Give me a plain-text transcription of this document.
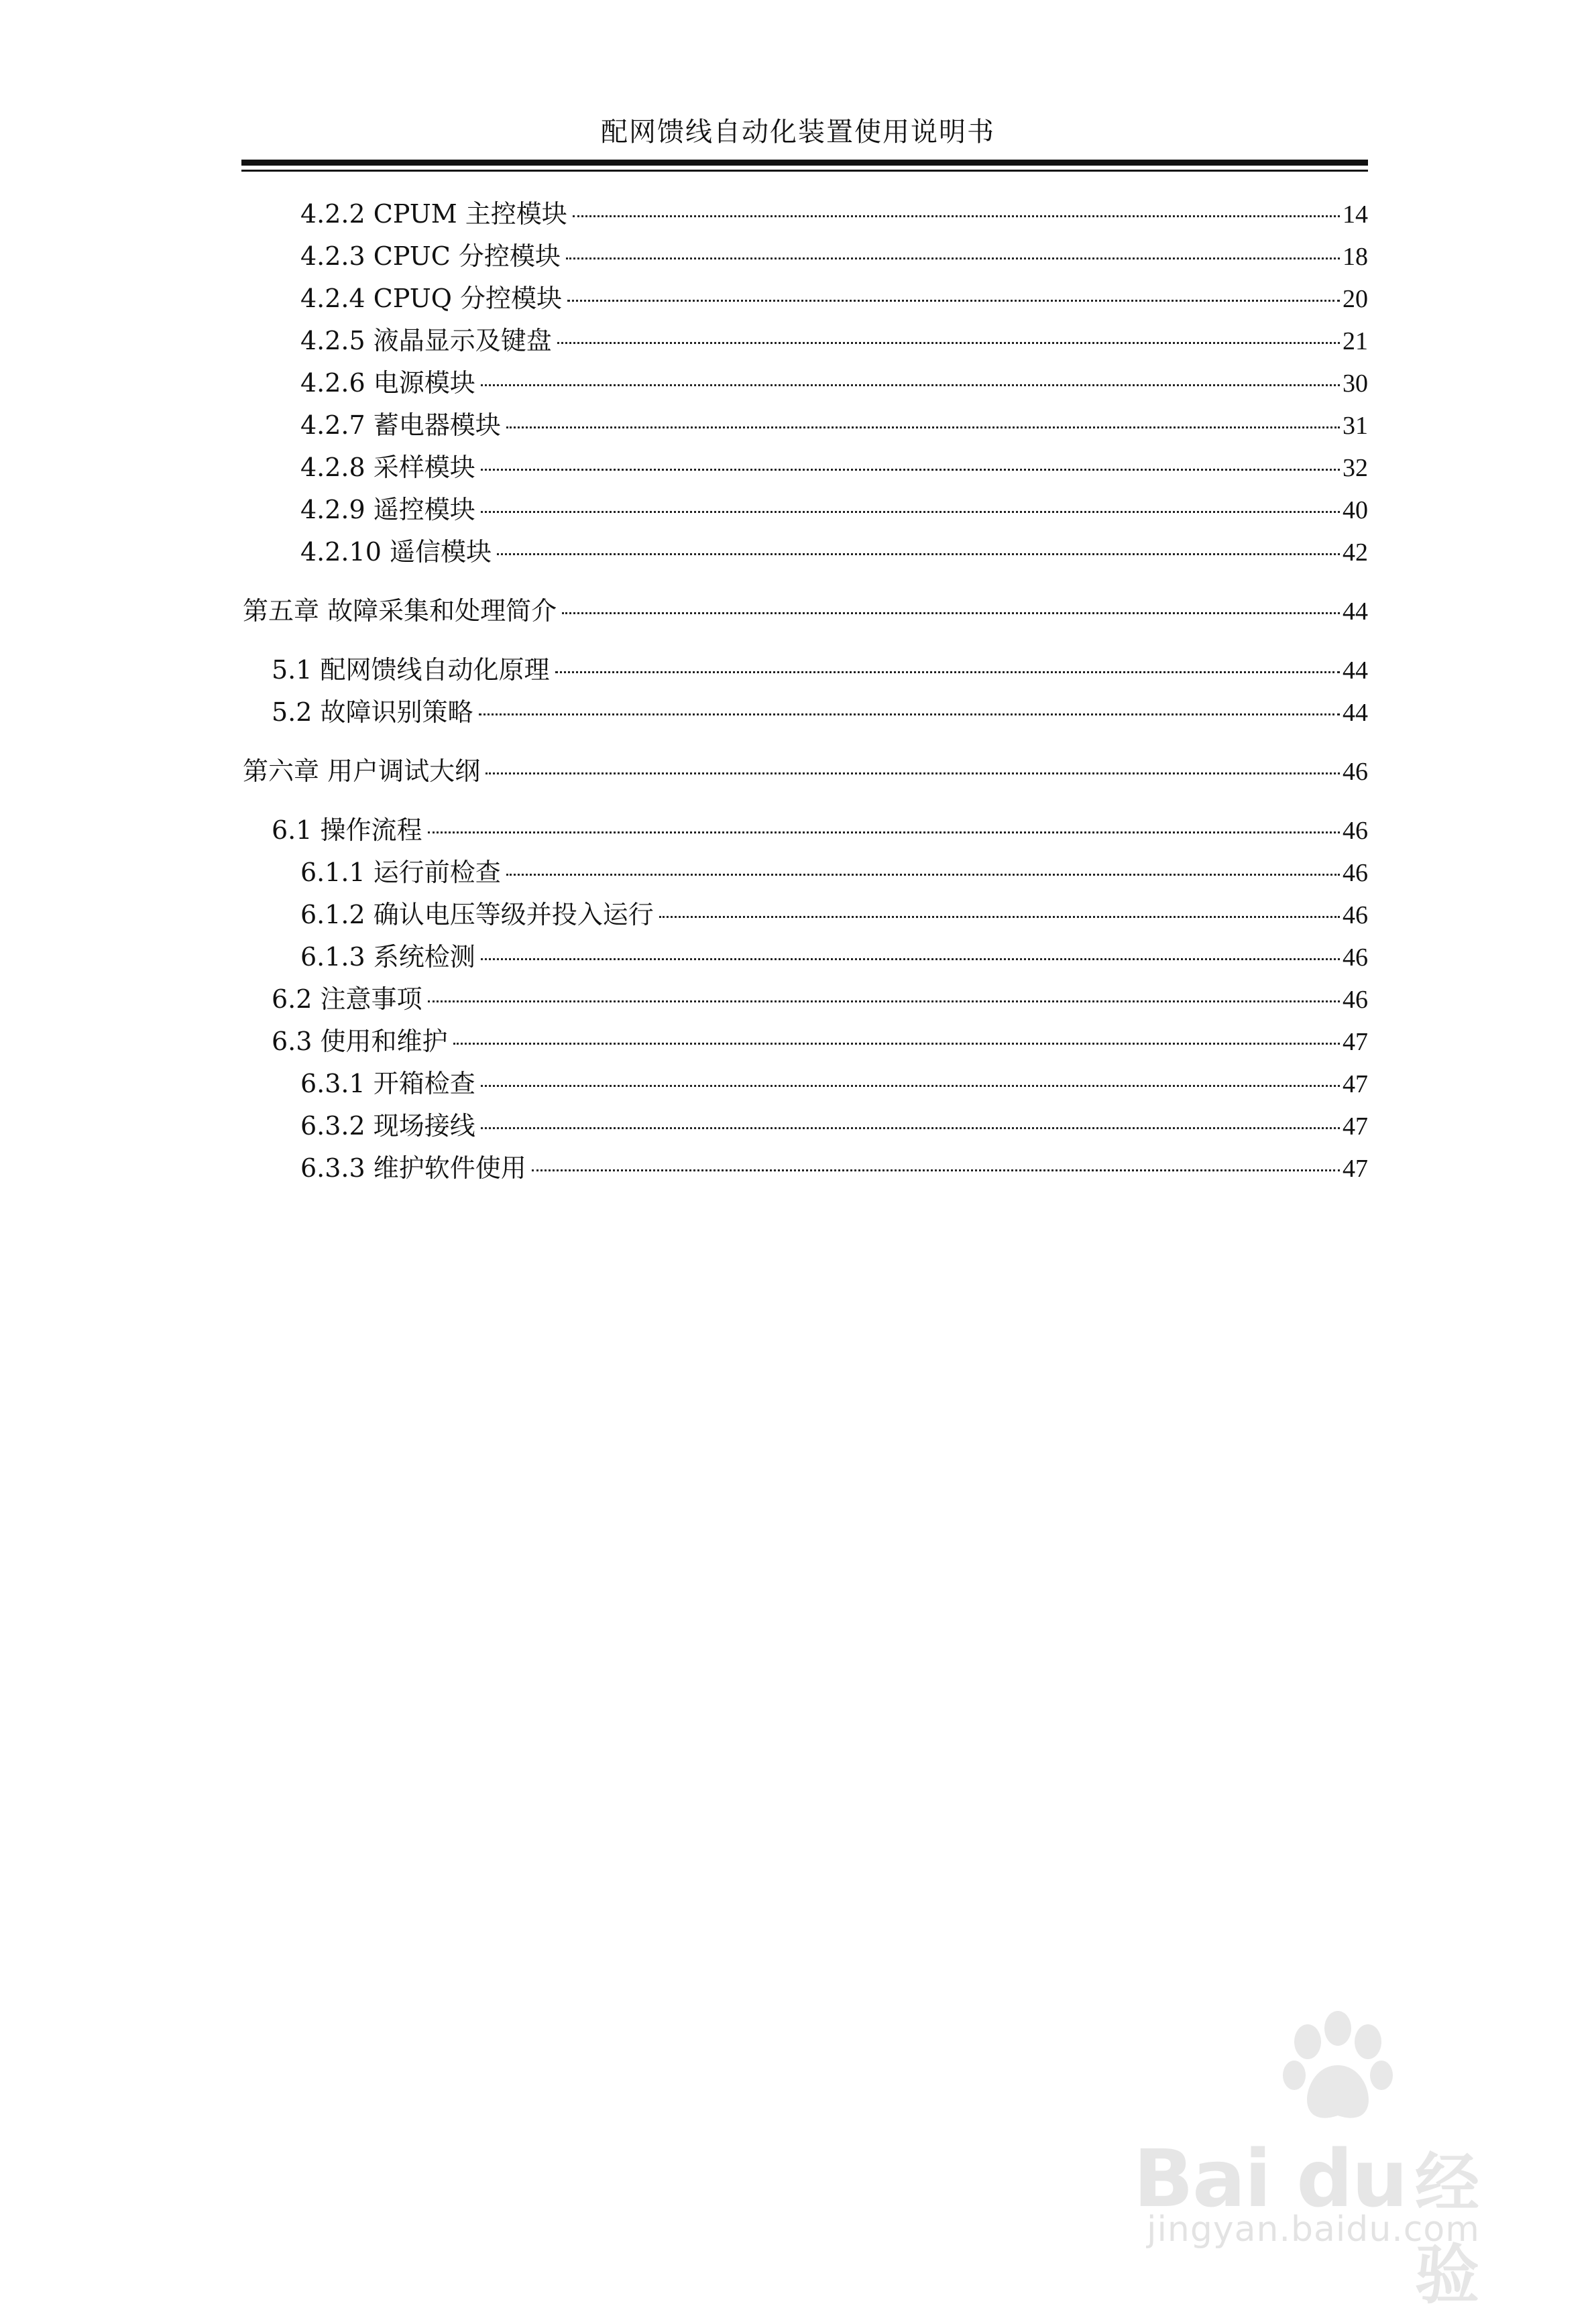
配网馈线自动化装置使用说明书
4.2.2 CPUM 主控模块	14
4.2.3 CPUC 分控模块	18
4.2.4 CPUQ 分控模块	20
4.2.5 液晶显示及键盘	21
4.2.6 电源模块	30
4.2.7 蓄电器模块	31
4.2.8 采样模块	32
4.2.9 遥控模块	40
4.2.10 遥信模块	42
第五章 故障采集和处理简介	44
5.1 配网馈线自动化原理	44
5.2 故障识别策略	44
第六章 用户调试大纲	46
6.1 操作流程	46
6.1.1 运行前检查	46
6.1.2 确认电压等级并投入运行	46
6.1.3 系统检测	46
6.2 注意事项	46
6.3 使用和维护	47
6.3.1 开箱检查	47
6.3.2 现场接线	47
6.3.3 维护软件使用	47
Bai du 经验
jingyan.baidu.com
